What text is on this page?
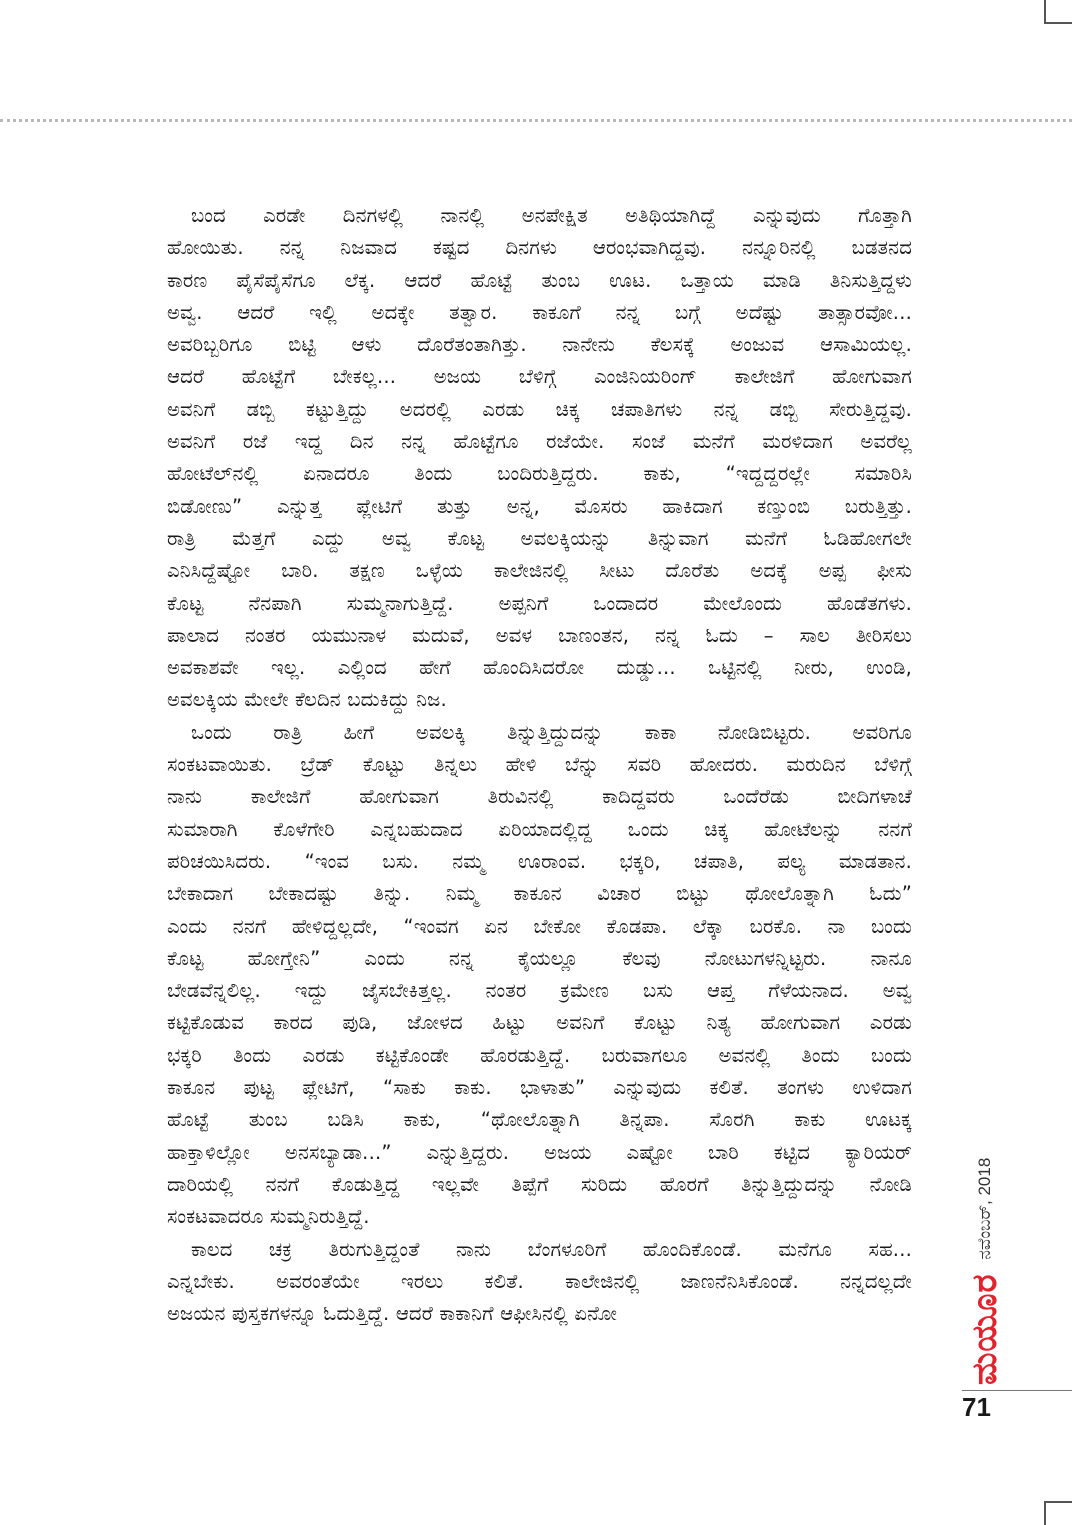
ಬಂದ ಎರಡೇ ದಿನಗಳಲ್ಲಿ ನಾನಲ್ಲಿ ಅನಪೇಕ್ಷಿತ ಅತಿಥಿಯಾಗಿದ್ದೆ ಎನ್ನುವುದು ಗೊತ್ತಾಗಿ
ಹೋಯಿತು. ನನ್ನ ನಿಜವಾದ ಕಷ್ಟದ ದಿನಗಳು ಆರಂಭವಾಗಿದ್ದವು. ನನ್ನೂರಿನಲ್ಲಿ ಬಡತನದ
ಕಾರಣ ಪೈಸೆಪೈಸೆಗೂ ಲೆಕ್ಕ. ಆದರೆ ಹೊಟ್ಟೆ ತುಂಬ ಊಟ. ಒತ್ತಾಯ ಮಾಡಿ ತಿನಿಸುತ್ತಿದ್ದಳು
ಅವ್ವ. ಆದರೆ ಇಲ್ಲಿ ಅದಕ್ಕೇ ತತ್ವಾರ. ಕಾಕೂಗೆ ನನ್ನ ಬಗ್ಗೆ ಅದೆಷ್ಟು ತಾತ್ಸಾರವೋ...
ಅವರಿಬ್ಬರಿಗೂ ಬಿಟ್ಟಿ ಆಳು ದೊರೆತಂತಾಗಿತ್ತು. ನಾನೇನು ಕೆಲಸಕ್ಕೆ ಅಂಜುವ ಆಸಾಮಿಯಲ್ಲ.
ಆದರೆ ಹೊಟ್ಟೆಗೆ ಬೇಕಲ್ಲ... ಅಜಯ ಬೆಳಿಗ್ಗೆ ಎಂಜಿನಿಯರಿಂಗ್ ಕಾಲೇಜಿಗೆ ಹೋಗುವಾಗ
ಅವನಿಗೆ ಡಬ್ಬಿ ಕಟ್ಟುತ್ತಿದ್ದು ಅದರಲ್ಲಿ ಎರಡು ಚಿಕ್ಕ ಚಪಾತಿಗಳು ನನ್ನ ಡಬ್ಬಿ ಸೇರುತ್ತಿದ್ದವು.
ಅವನಿಗೆ ರಜೆ ಇದ್ದ ದಿನ ನನ್ನ ಹೊಟ್ಟೆಗೂ ರಜೆಯೇ. ಸಂಜೆ ಮನೆಗೆ ಮರಳಿದಾಗ ಅವರೆಲ್ಲ
ಹೋಟೆಲ್‌ನಲ್ಲಿ ಏನಾದರೂ ತಿಂದು ಬಂದಿರುತ್ತಿದ್ದರು. ಕಾಕು, “ಇದ್ದದ್ದರಲ್ಲೇ ಸಮಾರಿಸಿ
ಬಿಡೋಣು” ಎನ್ನುತ್ತ ಪ್ಲೇಟಿಗೆ ತುತ್ತು ಅನ್ನ, ಮೊಸರು ಹಾಕಿದಾಗ ಕಣ್ತುಂಬಿ ಬರುತ್ತಿತ್ತು.
ರಾತ್ರಿ ಮೆತ್ತಗೆ ಎದ್ದು ಅವ್ವ ಕೊಟ್ಟ ಅವಲಕ್ಕಿಯನ್ನು ತಿನ್ನುವಾಗ ಮನೆಗೆ ಓಡಿಹೋಗಲೇ
ಎನಿಸಿದ್ದೆಷ್ಟೋ ಬಾರಿ. ತಕ್ಷಣ ಒಳ್ಳೆಯ ಕಾಲೇಜಿನಲ್ಲಿ ಸೀಟು ದೊರೆತು ಅದಕ್ಕೆ ಅಪ್ಪ ಫೀಸು
ಕೊಟ್ಟ ನೆನಪಾಗಿ ಸುಮ್ಮನಾಗುತ್ತಿದ್ದೆ. ಅಪ್ಪನಿಗೆ ಒಂದಾದರ ಮೇಲೊಂದು ಹೊಡೆತಗಳು.
ಪಾಲಾದ ನಂತರ ಯಮುನಾಳ ಮದುವೆ, ಅವಳ ಬಾಣಂತನ, ನನ್ನ ಓದು – ಸಾಲ ತೀರಿಸಲು
ಅವಕಾಶವೇ ಇಲ್ಲ. ಎಲ್ಲಿಂದ ಹೇಗೆ ಹೊಂದಿಸಿದರೋ ದುಡ್ಡು... ಒಟ್ಟಿನಲ್ಲಿ ನೀರು, ಉಂಡಿ,
ಅವಲಕ್ಕಿಯ ಮೇಲೇ ಕೆಲದಿನ ಬದುಕಿದ್ದು ನಿಜ.
ಒಂದು ರಾತ್ರಿ ಹೀಗೆ ಅವಲಕ್ಕಿ ತಿನ್ನುತ್ತಿದ್ದುದನ್ನು ಕಾಕಾ ನೋಡಿಬಿಟ್ಟರು. ಅವರಿಗೂ
ಸಂಕಟವಾಯಿತು. ಬ್ರೆಡ್ ಕೊಟ್ಟು ತಿನ್ನಲು ಹೇಳಿ ಬೆನ್ನು ಸವರಿ ಹೋದರು. ಮರುದಿನ ಬೆಳಿಗ್ಗೆ
ನಾನು ಕಾಲೇಜಿಗೆ ಹೋಗುವಾಗ ತಿರುವಿನಲ್ಲಿ ಕಾದಿದ್ದವರು ಒಂದೆರೆಡು ಬೀದಿಗಳಾಚೆ
ಸುಮಾರಾಗಿ ಕೊಳೆಗೇರಿ ಎನ್ನಬಹುದಾದ ಏರಿಯಾದಲ್ಲಿದ್ದ ಒಂದು ಚಿಕ್ಕ ಹೋಟೆಲನ್ನು ನನಗೆ
ಪರಿಚಯಿಸಿದರು. “ಇಂವ ಬಸು. ನಮ್ಮ ಊರಾಂವ. ಭಕ್ಕರಿ, ಚಪಾತಿ, ಪಲ್ಯ ಮಾಡತಾನ.
ಬೇಕಾದಾಗ ಬೇಕಾದಷ್ಟು ತಿನ್ನು. ನಿಮ್ಮ ಕಾಕೂನ ವಿಚಾರ ಬಿಟ್ಟು ಥೋಲೊತ್ನಾಗಿ ಓದು”
ಎಂದು ನನಗೆ ಹೇಳಿದ್ದಲ್ಲದೇ, “ಇಂವಗ ಏನ ಬೇಕೋ ಕೊಡಪಾ. ಲೆಕ್ಕಾ ಬರಕೊ. ನಾ ಬಂದು
ಕೊಟ್ಟ ಹೋಗ್ತೇನಿ” ಎಂದು ನನ್ನ ಕೈಯಲ್ಲೂ ಕೆಲವು ನೋಟುಗಳನ್ನಿಟ್ಟರು. ನಾನೂ
ಬೇಡವೆನ್ನಲಿಲ್ಲ. ಇದ್ದು ಜೈಸಬೇಕಿತ್ತಲ್ಲ. ನಂತರ ಕ್ರಮೇಣ ಬಸು ಆಪ್ತ ಗೆಳೆಯನಾದ. ಅವ್ವ
ಕಟ್ಟಿಕೊಡುವ ಕಾರದ ಪುಡಿ, ಜೋಳದ ಹಿಟ್ಟು ಅವನಿಗೆ ಕೊಟ್ಟು ನಿತ್ಯ ಹೋಗುವಾಗ ಎರಡು
ಭಕ್ಕರಿ ತಿಂದು ಎರಡು ಕಟ್ಟಿಕೊಂಡೇ ಹೊರಡುತ್ತಿದ್ದೆ. ಬರುವಾಗಲೂ ಅವನಲ್ಲಿ ತಿಂದು ಬಂದು
ಕಾಕೂನ ಪುಟ್ಟ ಪ್ಲೇಟಿಗೆ, “ಸಾಕು ಕಾಕು. ಭಾಳಾತು” ಎನ್ನುವುದು ಕಲಿತೆ. ತಂಗಳು ಉಳಿದಾಗ
ಹೊಟ್ಟೆ ತುಂಬ ಬಡಿಸಿ ಕಾಕು, “ಥೋಲೊತ್ನಾಗಿ ತಿನ್ನಪಾ. ಸೊರಗಿ ಕಾಕು ಊಟಕ್ಕ
ಹಾಕ್ತಾಳಿಲ್ಲೋ ಅನಸಬ್ಯಾಡಾ...” ಎನ್ನುತ್ತಿದ್ದರು. ಅಜಯ ಎಷ್ಟೋ ಬಾರಿ ಕಟ್ಟಿದ ಕ್ಯಾರಿಯರ್
ದಾರಿಯಲ್ಲಿ ನನಗೆ ಕೊಡುತ್ತಿದ್ದ ಇಲ್ಲವೇ ತಿಪ್ಪೆಗೆ ಸುರಿದು ಹೊರಗೆ ತಿನ್ನುತ್ತಿದ್ದುದನ್ನು ನೋಡಿ
ಸಂಕಟವಾದರೂ ಸುಮ್ಮನಿರುತ್ತಿದ್ದೆ.
ಕಾಲದ ಚಕ್ರ ತಿರುಗುತ್ತಿದ್ದಂತೆ ನಾನು ಬೆಂಗಳೂರಿಗೆ ಹೊಂದಿಕೊಂಡೆ. ಮನೆಗೂ ಸಹ...
ಎನ್ನಬೇಕು. ಅವರಂತೆಯೇ ಇರಲು ಕಲಿತೆ. ಕಾಲೇಜಿನಲ್ಲಿ ಜಾಣನೆನಿಸಿಕೊಂಡೆ. ನನ್ನದಲ್ಲದೇ
ಅಜಯನ ಪುಸ್ತಕಗಳನ್ನೂ ಓದುತ್ತಿದ್ದೆ. ಆದರೆ ಕಾಕಾನಿಗೆ ಆಫೀಸಿನಲ್ಲಿ ಏನೋ	ಮಯೂರ
ನವೆಂಬರ್, 2018
71
